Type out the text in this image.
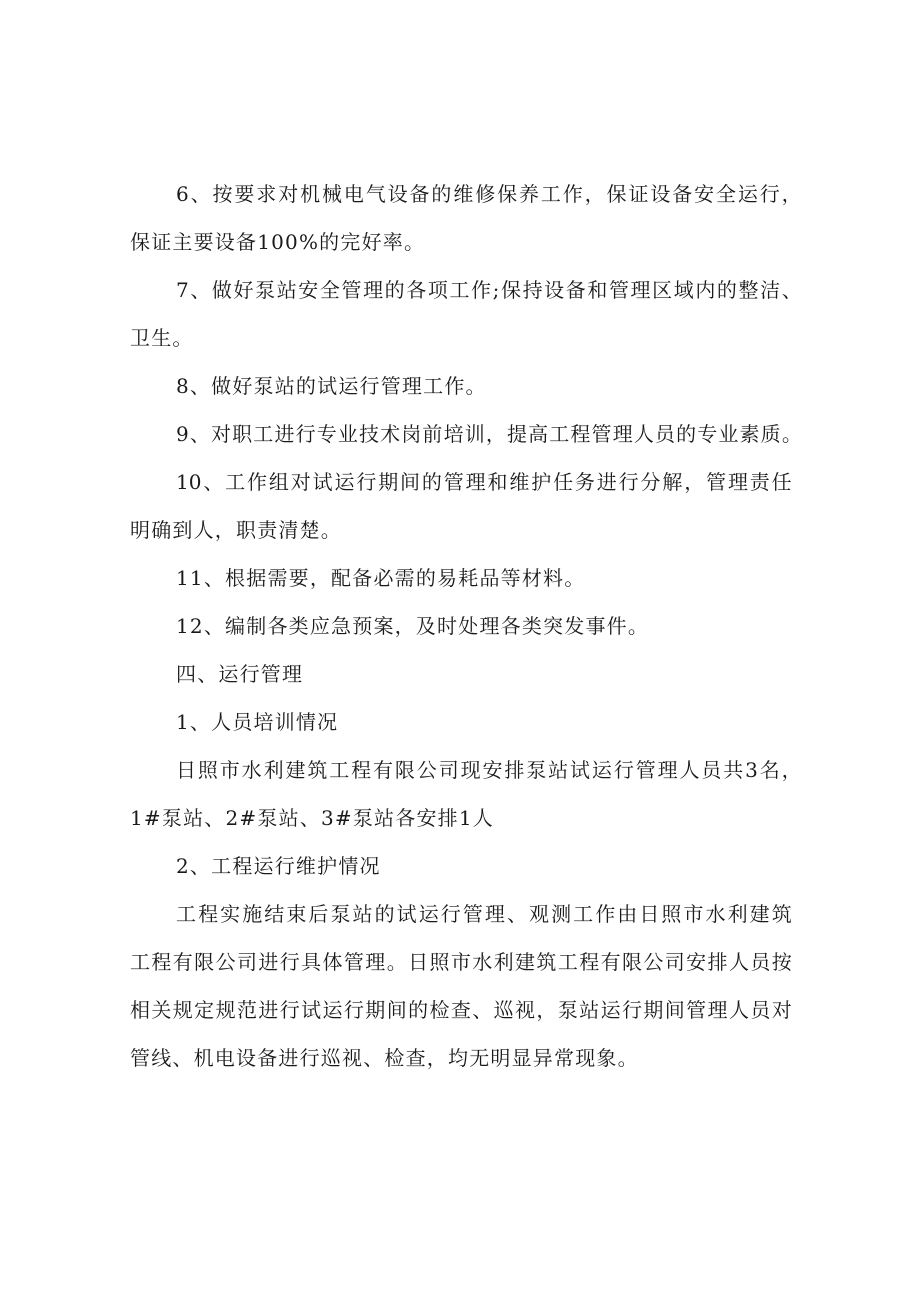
6 、 按 要 求 对 机 械 电 气 设 备 的 维 修 保 养 工 作 ， 保 证 设 备 安 全 运 行 ，

保证主要设备100%的完好率。

7 、 做 好 泵 站 安 全 管 理 的 各 项 工 作 ; 保 持 设 备 和 管 理 区 域 内 的 整 洁 、

卫生。

8、做好泵站的试运行管理工作。

9 、 对 职 工 进 行 专 业 技 术 岗 前 培 训 ， 提 高 工 程 管 理 人 员 的 专 业 素 质 。

10 、 工 作 组 对 试 运 行 期 间 的 管 理 和 维 护 任 务 进 行 分 解 ， 管 理 责 任

明确到人，职责清楚。

11、根据需要，配备必需的易耗品等材料。

12、编制各类应急预案，及时处理各类突发事件。

四、运行管理

1、人员培训情况

日 照 市 水 利 建 筑 工 程 有 限 公 司 现 安 排 泵 站 试 运 行 管 理 人 员 共 3 名 ，

1#泵站、2#泵站、3#泵站各安排1人

2、工程运行维护情况

工 程 实 施 结 束 后 泵 站 的 试 运 行 管 理 、 观 测 工 作 由 日 照 市 水 利 建 筑

工 程 有 限 公 司 进 行 具 体 管 理 。 日 照 市 水 利 建 筑 工 程 有 限 公 司 安 排 人 员 按

相 关 规 定 规 范 进 行 试 运 行 期 间 的 检 查 、 巡 视 ， 泵 站 运 行 期 间 管 理 人 员 对

管线、机电设备进行巡视、检查，均无明显异常现象。
